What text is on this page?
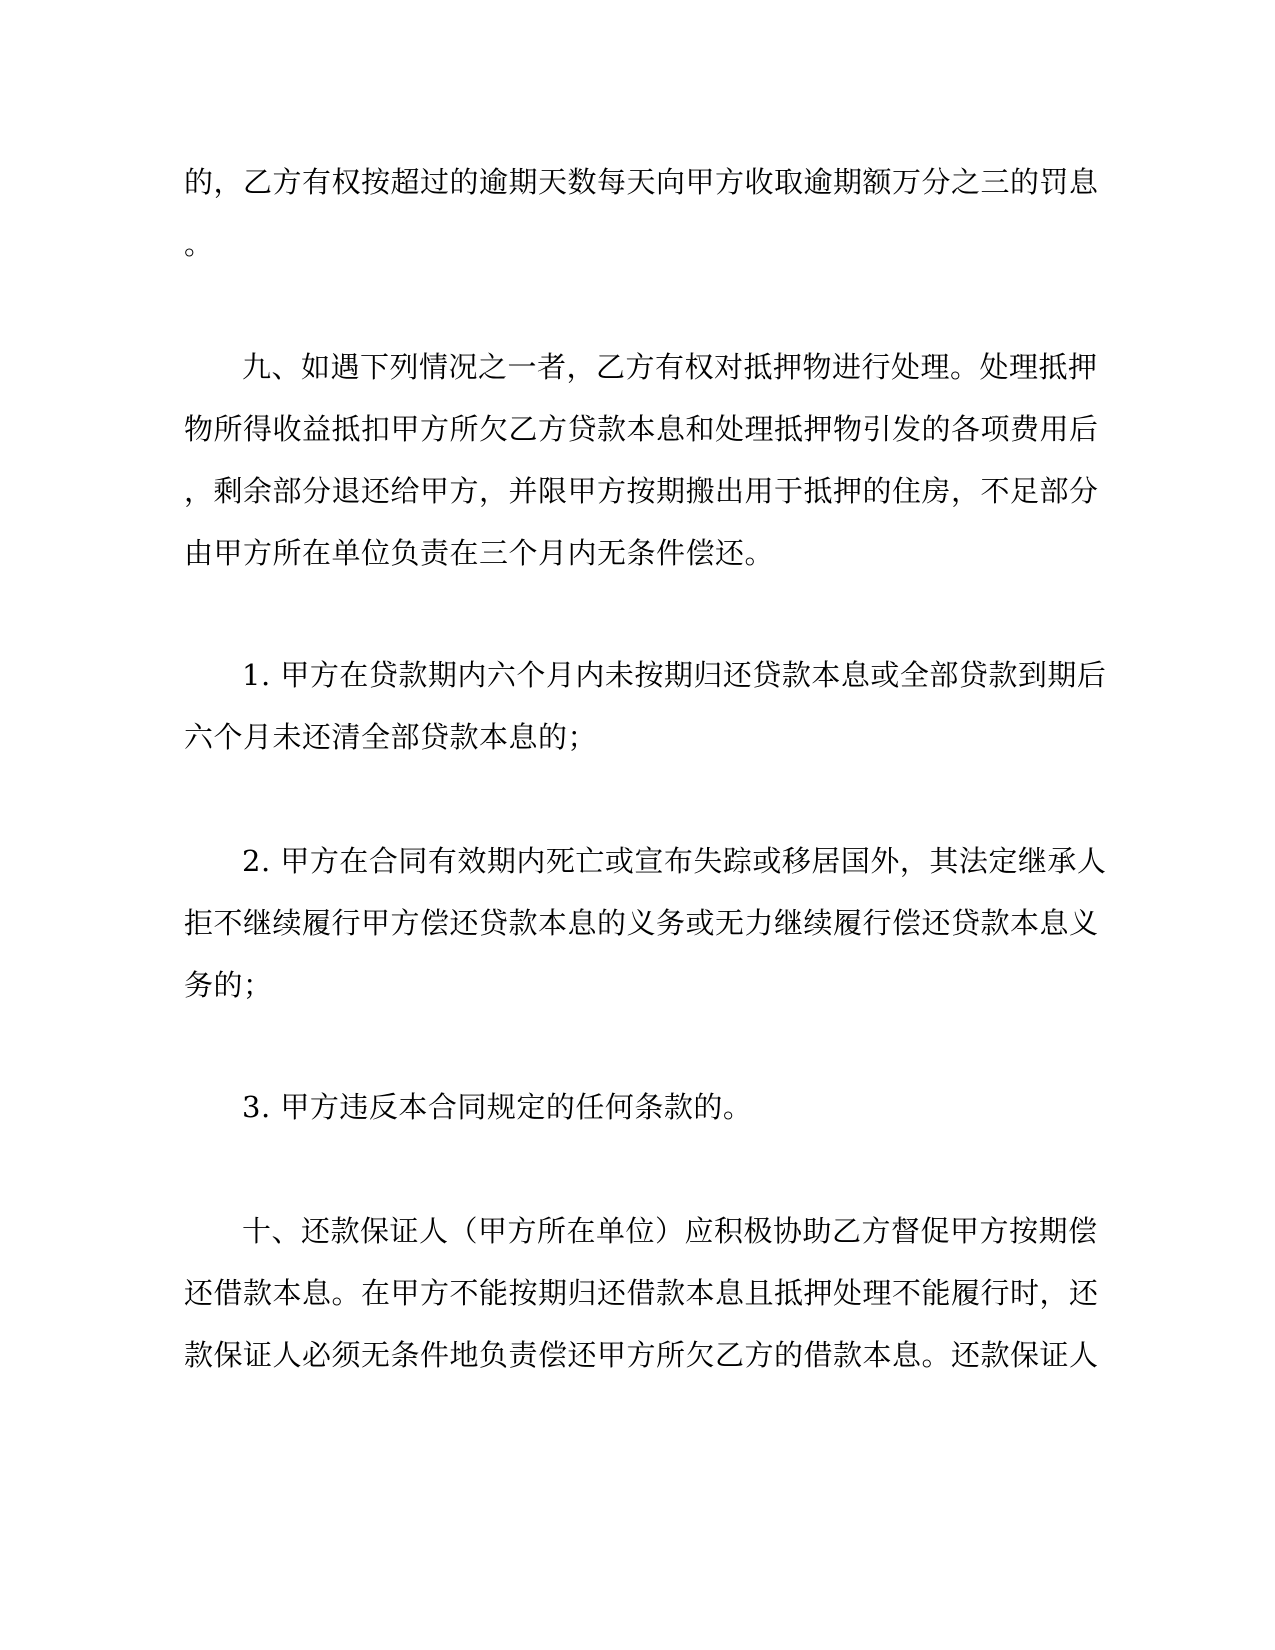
的，乙方有权按超过的逾期天数每天向甲方收取逾期额万分之三的罚息
。
九、如遇下列情况之一者，乙方有权对抵押物进行处理。处理抵押
物所得收益抵扣甲方所欠乙方贷款本息和处理抵押物引发的各项费用后
，剩余部分退还给甲方，并限甲方按期搬出用于抵押的住房，不足部分
由甲方所在单位负责在三个月内无条件偿还。
1. 甲方在贷款期内六个月内未按期归还贷款本息或全部贷款到期后
六个月未还清全部贷款本息的；
2. 甲方在合同有效期内死亡或宣布失踪或移居国外，其法定继承人
拒不继续履行甲方偿还贷款本息的义务或无力继续履行偿还贷款本息义
务的；
3. 甲方违反本合同规定的任何条款的。
十、还款保证人（甲方所在单位）应积极协助乙方督促甲方按期偿
还借款本息。在甲方不能按期归还借款本息且抵押处理不能履行时，还
款保证人必须无条件地负责偿还甲方所欠乙方的借款本息。还款保证人
